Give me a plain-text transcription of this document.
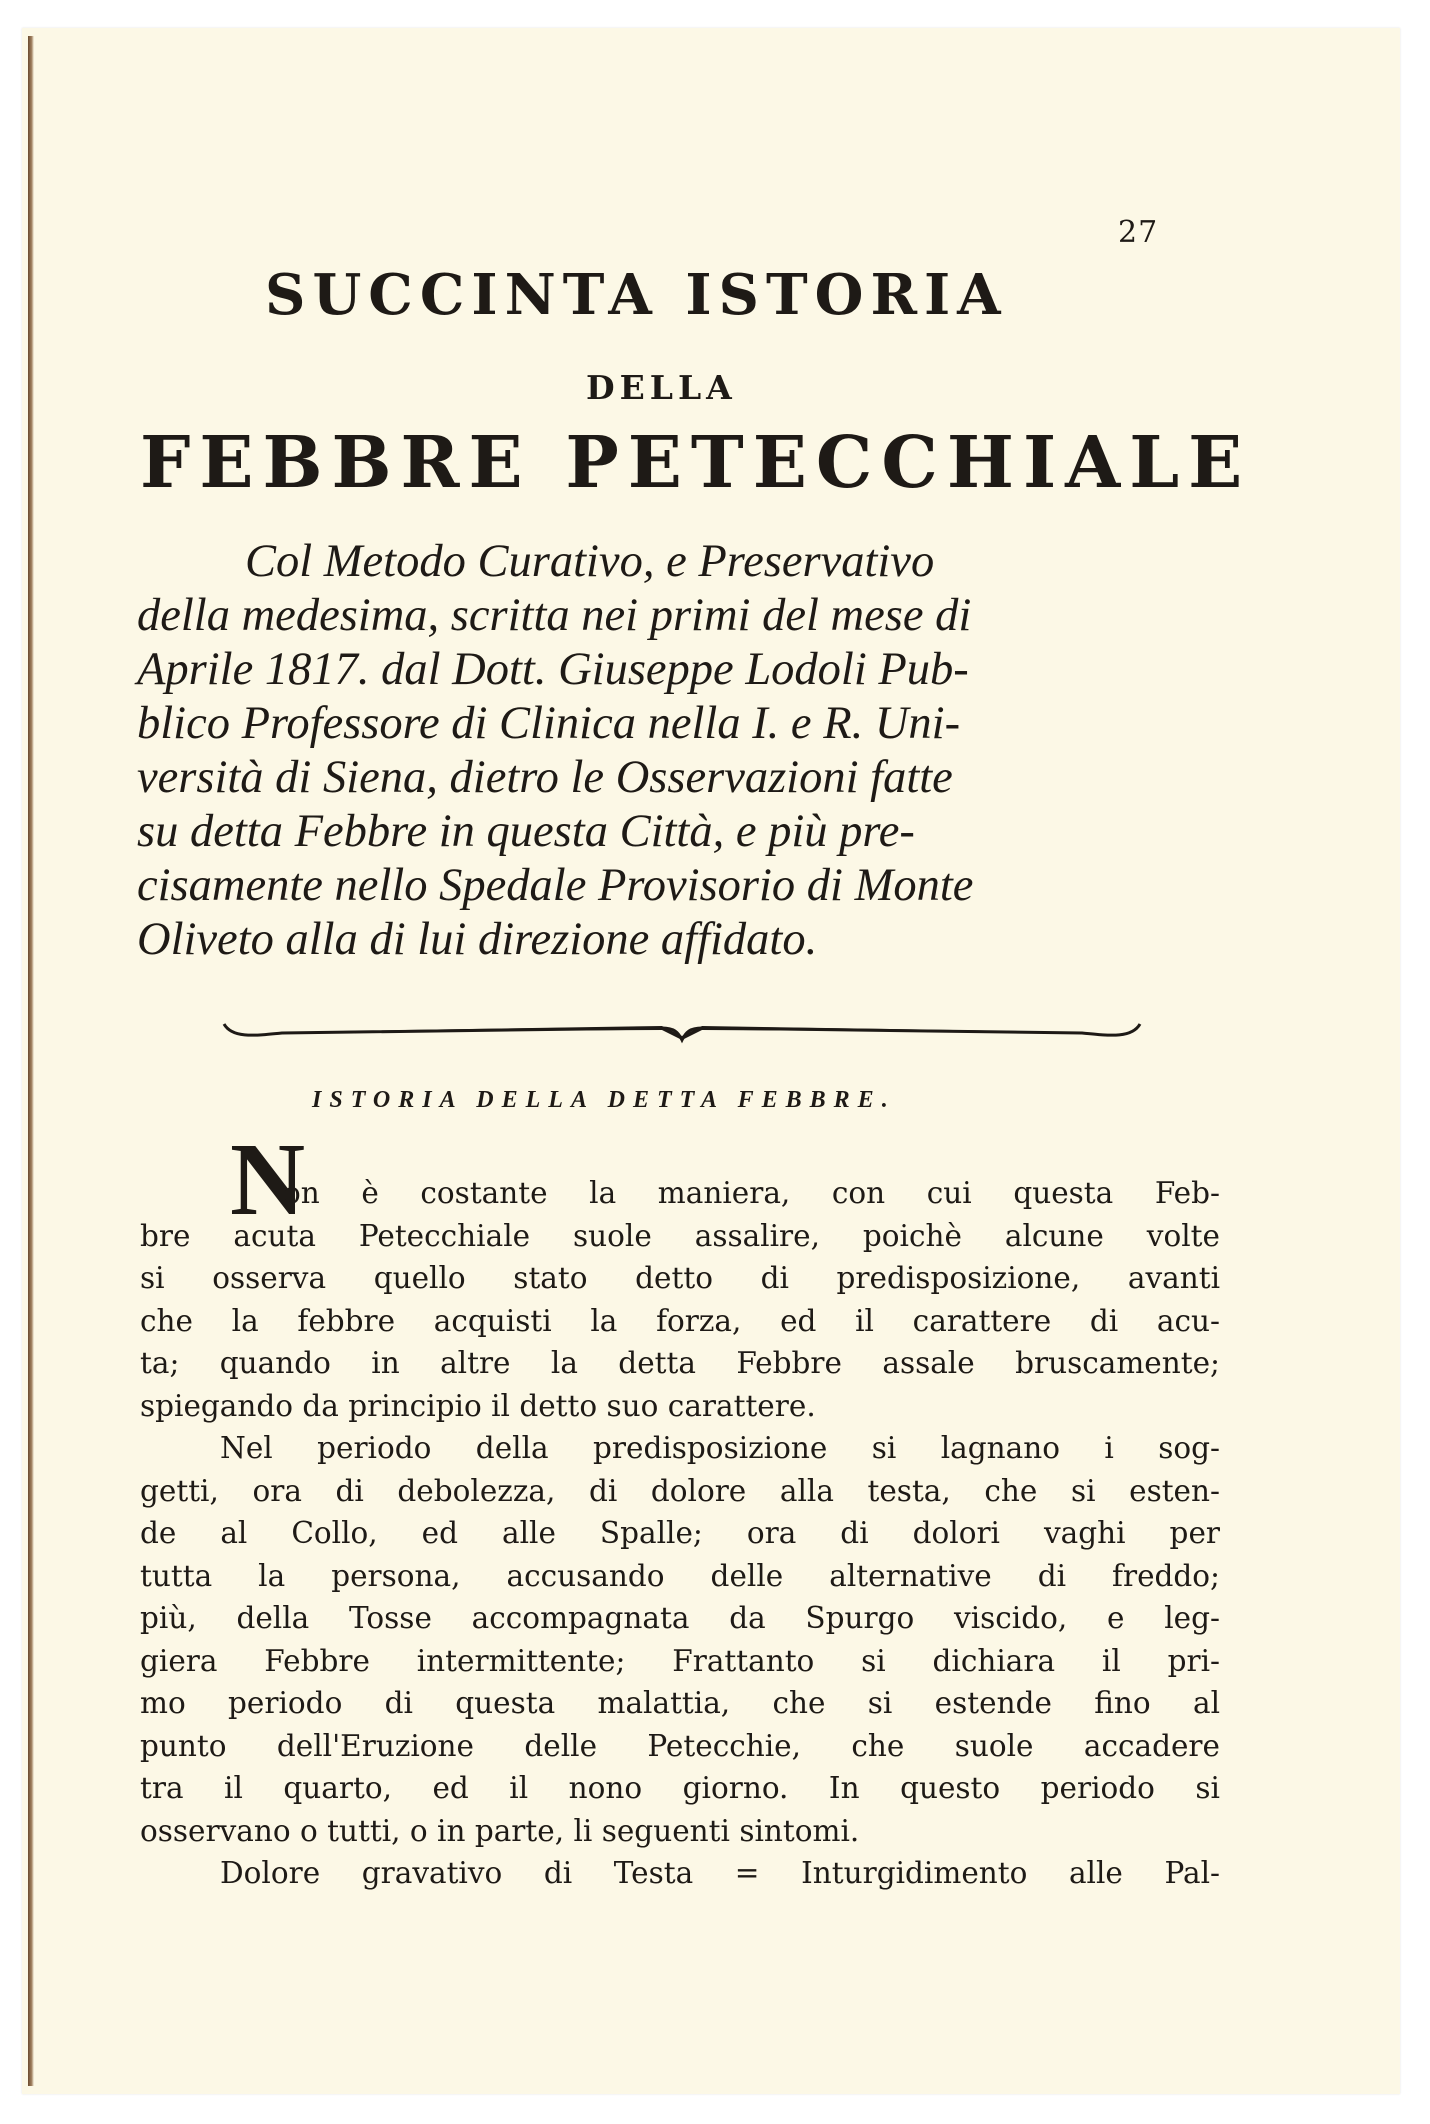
27
SUCCINTA ISTORIA
DELLA
FEBBRE PETECCHIALE
Col Metodo Curativo, e Preservativo
della medesima, scritta nei primi del mese di
Aprile 1817. dal Dott. Giuseppe Lodoli Pub-
blico Professore di Clinica nella I. e R. Uni-
versità di Siena, dietro le Osservazioni fatte
su detta Febbre in questa Città, e più pre-
cisamente nello Spedale Provisorio di Monte
Oliveto alla di lui direzione affidato.
ISTORIA DELLA DETTA FEBBRE.
N
on è costante la maniera, con cui questa Feb-
bre acuta Petecchiale suole assalire, poichè alcune volte
si osserva quello stato detto di predisposizione, avanti
che la febbre acquisti la forza, ed il carattere di acu-
ta; quando in altre la detta Febbre assale bruscamente;
spiegando da principio il detto suo carattere.
Nel periodo della predisposizione si lagnano i sog-
getti, ora di debolezza, di dolore alla testa, che si esten-
de al Collo, ed alle Spalle; ora di dolori vaghi per
tutta la persona, accusando delle alternative di freddo;
più, della Tosse accompagnata da Spurgo viscido, e leg-
giera Febbre intermittente; Frattanto si dichiara il pri-
mo periodo di questa malattia, che si estende fino al
punto dell'Eruzione delle Petecchie, che suole accadere
tra il quarto, ed il nono giorno. In questo periodo si
osservano o tutti, o in parte, li seguenti sintomi.
Dolore gravativo di Testa = Inturgidimento alle Pal-
